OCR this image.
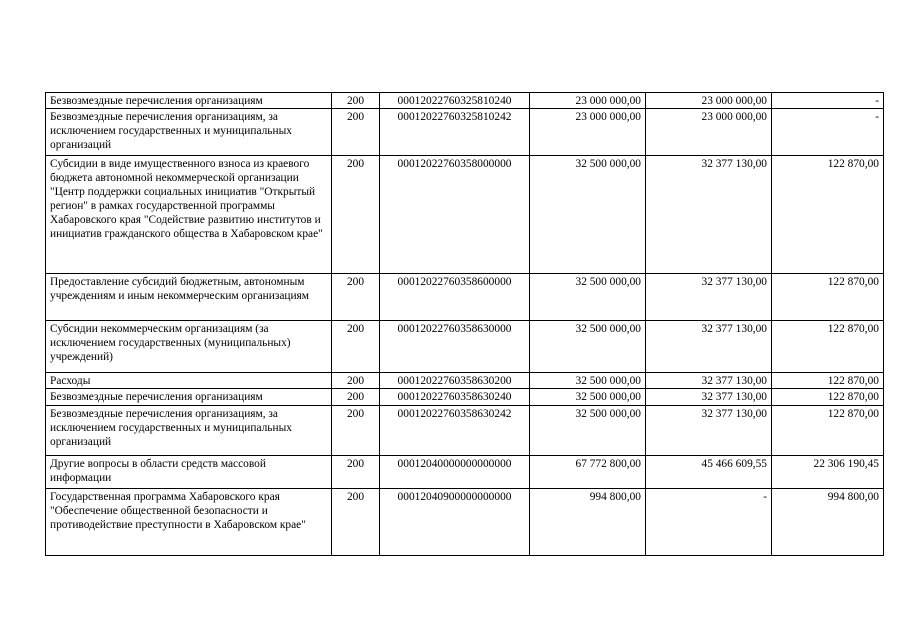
Безвозмездные перечисления организациям	200	00012022760325810240	23 000 000,00	23 000 000,00	-
Безвозмездные перечисления организациям, за исключением государственных и муниципальных организаций	200	00012022760325810242	23 000 000,00	23 000 000,00	-
Субсидии в виде имущественного взноса из краевого бюджета автономной некоммерческой организации "Центр поддержки социальных инициатив "Открытый регион" в рамках государственной программы Хабаровского края "Содействие развитию институтов и инициатив гражданского общества в Хабаровском крае"	200	00012022760358000000	32 500 000,00	32 377 130,00	122 870,00
Предоставление субсидий бюджетным, автономным учреждениям и иным некоммерческим организациям	200	00012022760358600000	32 500 000,00	32 377 130,00	122 870,00
Субсидии некоммерческим организациям (за исключением государственных (муниципальных) учреждений)	200	00012022760358630000	32 500 000,00	32 377 130,00	122 870,00
Расходы	200	00012022760358630200	32 500 000,00	32 377 130,00	122 870,00
Безвозмездные перечисления организациям	200	00012022760358630240	32 500 000,00	32 377 130,00	122 870,00
Безвозмездные перечисления организациям, за исключением государственных и муниципальных организаций	200	00012022760358630242	32 500 000,00	32 377 130,00	122 870,00
Другие вопросы в области средств массовой информации	200	00012040000000000000	67 772 800,00	45 466 609,55	22 306 190,45
Государственная программа Хабаровского края "Обеспечение общественной безопасности и противодействие преступности в Хабаровском крае"	200	00012040900000000000	994 800,00	-	994 800,00
